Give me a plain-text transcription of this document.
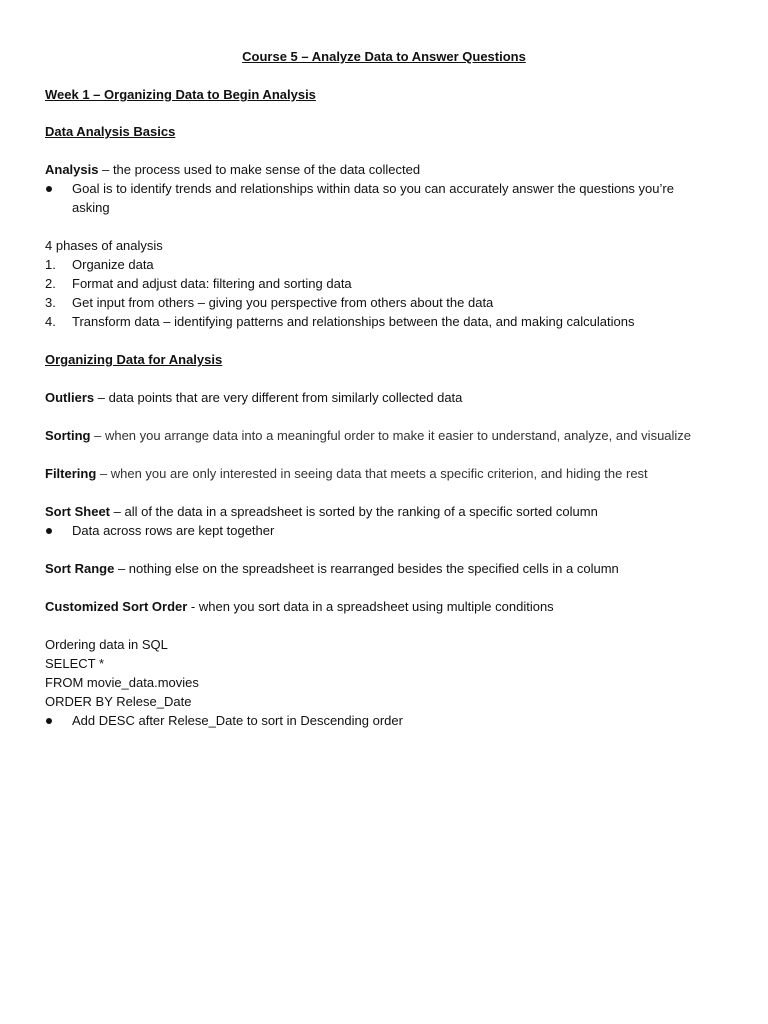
Course 5 – Analyze Data to Answer Questions
Week 1 – Organizing Data to Begin Analysis
Data Analysis Basics
Analysis – the process used to make sense of the data collected
Goal is to identify trends and relationships within data so you can accurately answer the questions you’re
asking
4 phases of analysis
1. Organize data
2. Format and adjust data: filtering and sorting data
3. Get input from others – giving you perspective from others about the data
4. Transform data – identifying patterns and relationships between the data, and making calculations
Organizing Data for Analysis
Outliers – data points that are very different from similarly collected data
Sorting – when you arrange data into a meaningful order to make it easier to understand, analyze, and visualize
Filtering – when you are only interested in seeing data that meets a specific criterion, and hiding the rest
Sort Sheet – all of the data in a spreadsheet is sorted by the ranking of a specific sorted column
Data across rows are kept together
Sort Range – nothing else on the spreadsheet is rearranged besides the specified cells in a column
Customized Sort Order - when you sort data in a spreadsheet using multiple conditions
Ordering data in SQL
SELECT *
FROM movie_data.movies
ORDER BY Relese_Date
Add DESC after Relese_Date to sort in Descending order
